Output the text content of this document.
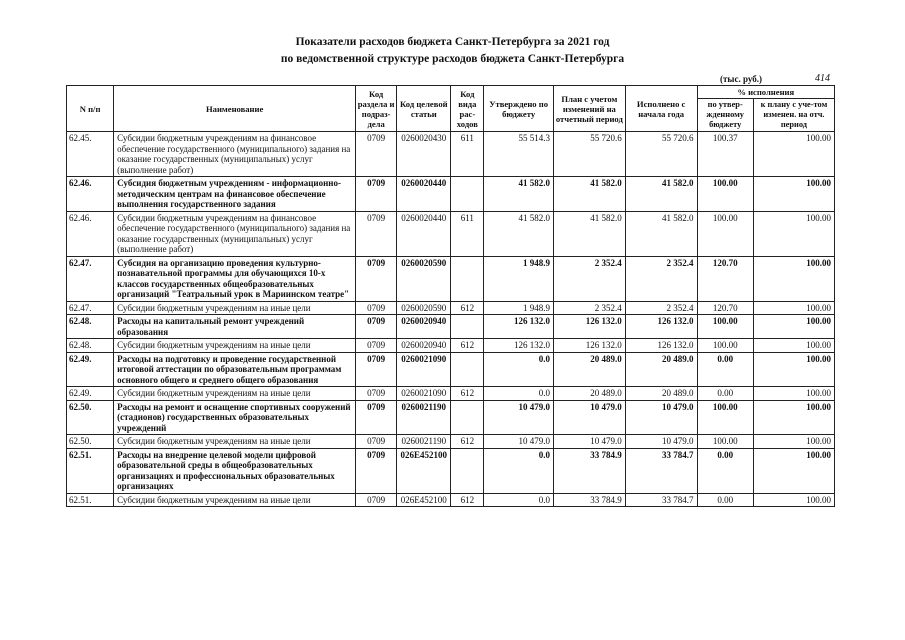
Показатели расходов бюджета Санкт-Петербурга за 2021 год
по ведомственной структуре расходов бюджета Санкт-Петербурга
(тыс. руб.)	414
N п/п	Наименование	Код раздела и подраз-дела	Код целевой статьи	Код вида рас-ходов	Утверждено по бюджету	План с учетом изменений на отчетный период	Исполнено с начала года	% исполнения	
								по утвер-жденному бюджету	к плану с уче-том изменен. на отч. период
62.45.	Субсидии бюджетным учреждениям на финансовое обеспечение государственного (муниципального) задания на оказание государственных (муниципальных) услуг (выполнение работ)	0709	0260020430	611	55 514.3	55 720.6	55 720.6	100.37	100.00
62.46.	Субсидия бюджетным учреждениям - информационно-методическим центрам на финансовое обеспечение выполнения государственного задания	0709	0260020440		41 582.0	41 582.0	41 582.0	100.00	100.00
62.46.	Субсидии бюджетным учреждениям на финансовое обеспечение государственного (муниципального) задания на оказание государственных (муниципальных) услуг (выполнение работ)	0709	0260020440	611	41 582.0	41 582.0	41 582.0	100.00	100.00
62.47.	Субсидия на организацию проведения культурно-познавательной программы для обучающихся 10-х классов государственных общеобразовательных организаций "Театральный урок в Мариинском театре"	0709	0260020590		1 948.9	2 352.4	2 352.4	120.70	100.00
62.47.	Субсидии бюджетным учреждениям на иные цели	0709	0260020590	612	1 948.9	2 352.4	2 352.4	120.70	100.00
62.48.	Расходы на капитальный ремонт учреждений образования	0709	0260020940		126 132.0	126 132.0	126 132.0	100.00	100.00
62.48.	Субсидии бюджетным учреждениям на иные цели	0709	0260020940	612	126 132.0	126 132.0	126 132.0	100.00	100.00
62.49.	Расходы на подготовку и проведение государственной итоговой аттестации по образовательным программам основного общего и среднего общего образования	0709	0260021090		0.0	20 489.0	20 489.0	0.00	100.00
62.49.	Субсидии бюджетным учреждениям на иные цели	0709	0260021090	612	0.0	20 489.0	20 489.0	0.00	100.00
62.50.	Расходы на ремонт и оснащение спортивных сооружений (стадионов) государственных образовательных учреждений	0709	0260021190		10 479.0	10 479.0	10 479.0	100.00	100.00
62.50.	Субсидии бюджетным учреждениям на иные цели	0709	0260021190	612	10 479.0	10 479.0	10 479.0	100.00	100.00
62.51.	Расходы на внедрение целевой модели цифровой образовательной среды в общеобразовательных организациях и профессиональных образовательных организациях	0709	026E452100		0.0	33 784.9	33 784.7	0.00	100.00
62.51.	Субсидии бюджетным учреждениям на иные цели	0709	026E452100	612	0.0	33 784.9	33 784.7	0.00	100.00
